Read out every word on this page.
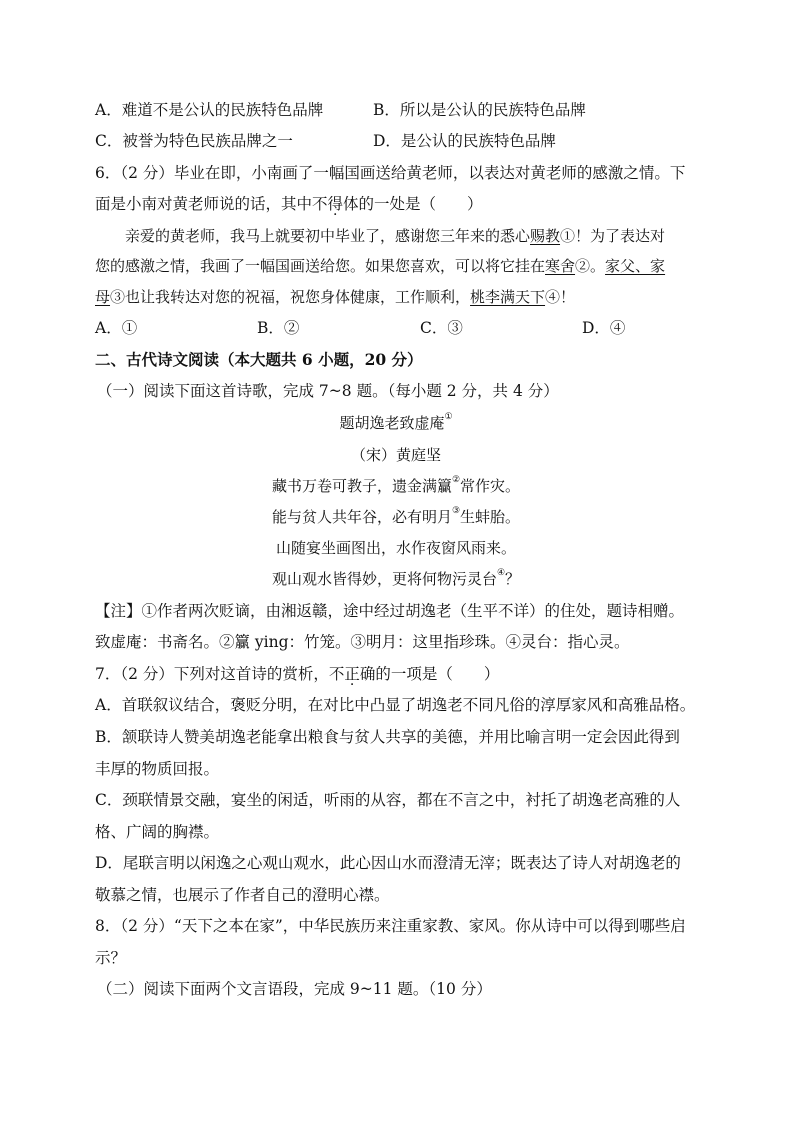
A．难道不是公认的民族特色品牌	B．所以是公认的民族特色品牌
C．被誉为特色民族品牌之一	D．是公认的民族特色品牌
6．（2 分）毕业在即，小南画了一幅国画送给黄老师，以表达对黄老师的感激之情。下
面是小南对黄老师说的话，其中不得体的一处是（　　）
亲爱的黄老师，我马上就要初中毕业了，感谢您三年来的悉心赐教①！为了表达对
您的感激之情，我画了一幅国画送给您。如果您喜欢，可以将它挂在寒舍②。家父、家
母③也让我转达对您的祝福，祝您身体健康，工作顺利，桃李满天下④！
A．①	B．②	C．③	D．④
二、古代诗文阅读（本大题共 6 小题，20 分）
（一）阅读下面这首诗歌，完成 7~8 题。（每小题 2 分，共 4 分）
题胡逸老致虚庵①
（宋）黄庭坚
藏书万卷可教子，遗金满籯②常作灾。
能与贫人共年谷，必有明月③生蚌胎。
山随宴坐画图出，水作夜窗风雨来。
观山观水皆得妙，更将何物污灵台④？
【注】①作者两次贬谪，由湘返赣，途中经过胡逸老（生平不详）的住处，题诗相赠。
致虚庵：书斋名。②籯 ying：竹笼。③明月：这里指珍珠。④灵台：指心灵。
7．（2 分）下列对这首诗的赏析，不正确的一项是（　　）
A．首联叙议结合，褒贬分明，在对比中凸显了胡逸老不同凡俗的淳厚家风和高雅品格。
B．颔联诗人赞美胡逸老能拿出粮食与贫人共享的美德，并用比喻言明一定会因此得到
丰厚的物质回报。
C．颈联情景交融，宴坐的闲适，听雨的从容，都在不言之中，衬托了胡逸老高雅的人
格、广阔的胸襟。
D．尾联言明以闲逸之心观山观水，此心因山水而澄清无滓；既表达了诗人对胡逸老的
敬慕之情，也展示了作者自己的澄明心襟。
8．（2 分）“天下之本在家”，中华民族历来注重家教、家风。你从诗中可以得到哪些启
示？
（二）阅读下面两个文言语段，完成 9~11 题。（10 分）
